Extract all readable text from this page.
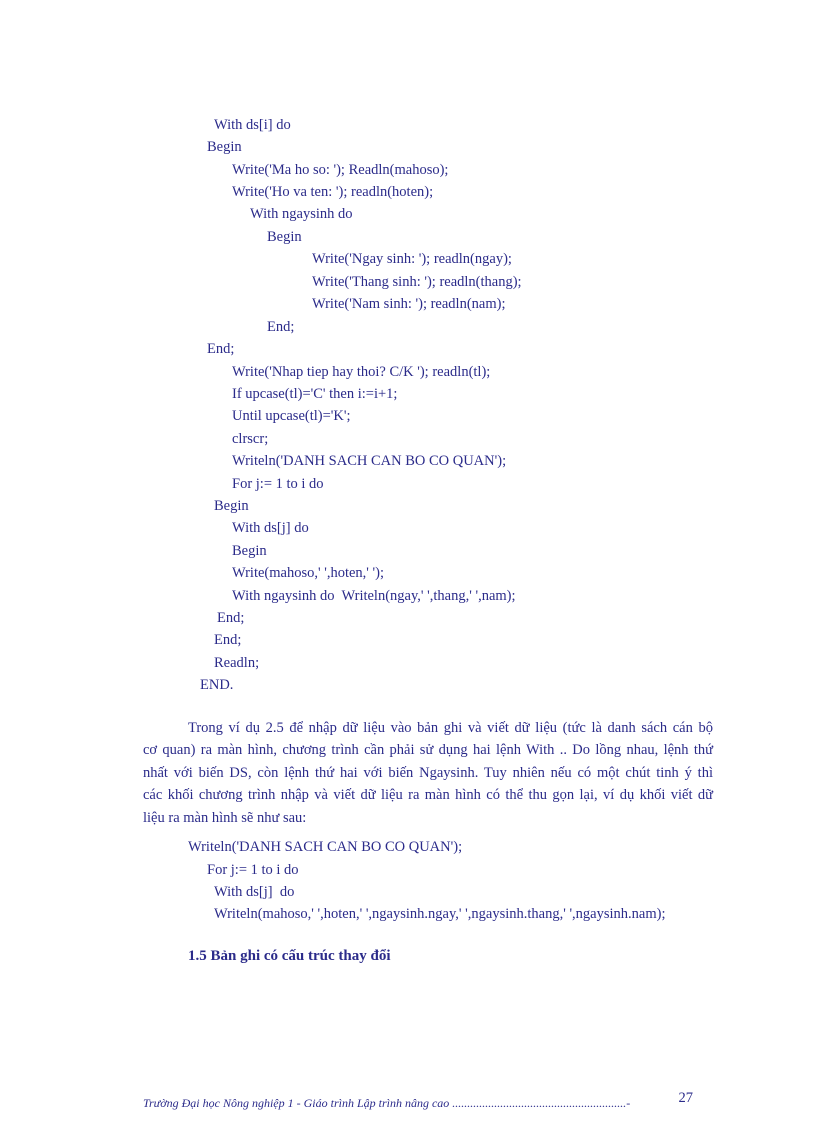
With ds[i] do
Begin
Write('Ma ho so: '); Readln(mahoso);
Write('Ho va ten: '); readln(hoten);
With ngaysinh do
Begin
Write('Ngay sinh: '); readln(ngay);
Write('Thang sinh: '); readln(thang);
Write('Nam sinh: '); readln(nam);
End;
End;
Write('Nhap tiep hay thoi? C/K '); readln(tl);
If upcase(tl)='C' then i:=i+1;
Until upcase(tl)='K';
clrscr;
Writeln('DANH SACH CAN BO CO QUAN');
For j:= 1 to i do
Begin
With ds[j] do
Begin
Write(mahoso,' ',hoten,' ');
With ngaysinh do  Writeln(ngay,' ',thang,' ',nam);
End;
End;
Readln;
END.
Trong ví dụ 2.5 để nhập dữ liệu vào bản ghi và viết dữ liệu (tức là danh sách cán bộ
cơ quan) ra màn hình, chương trình cần phải sử dụng hai lệnh With .. Do lồng nhau, lệnh thứ
nhất với biến DS, còn lệnh thứ hai với biến Ngaysinh. Tuy nhiên nếu có một chút tinh ý thì
các khối chương trình nhập và viết dữ liệu ra màn hình có thể thu gọn lại, ví dụ khối viết dữ
liệu ra màn hình sẽ như sau:
Writeln('DANH SACH CAN BO CO QUAN');
For j:= 1 to i do
With ds[j]  do
Writeln(mahoso,' ',hoten,' ',ngaysinh.ngay,' ',ngaysinh.thang,' ',ngaysinh.nam);
1.5 Bản ghi có cấu trúc thay đổi
Trường Đại học Nông nghiệp 1 - Giáo trình Lập trình nâng cao ..........................................................-	27
